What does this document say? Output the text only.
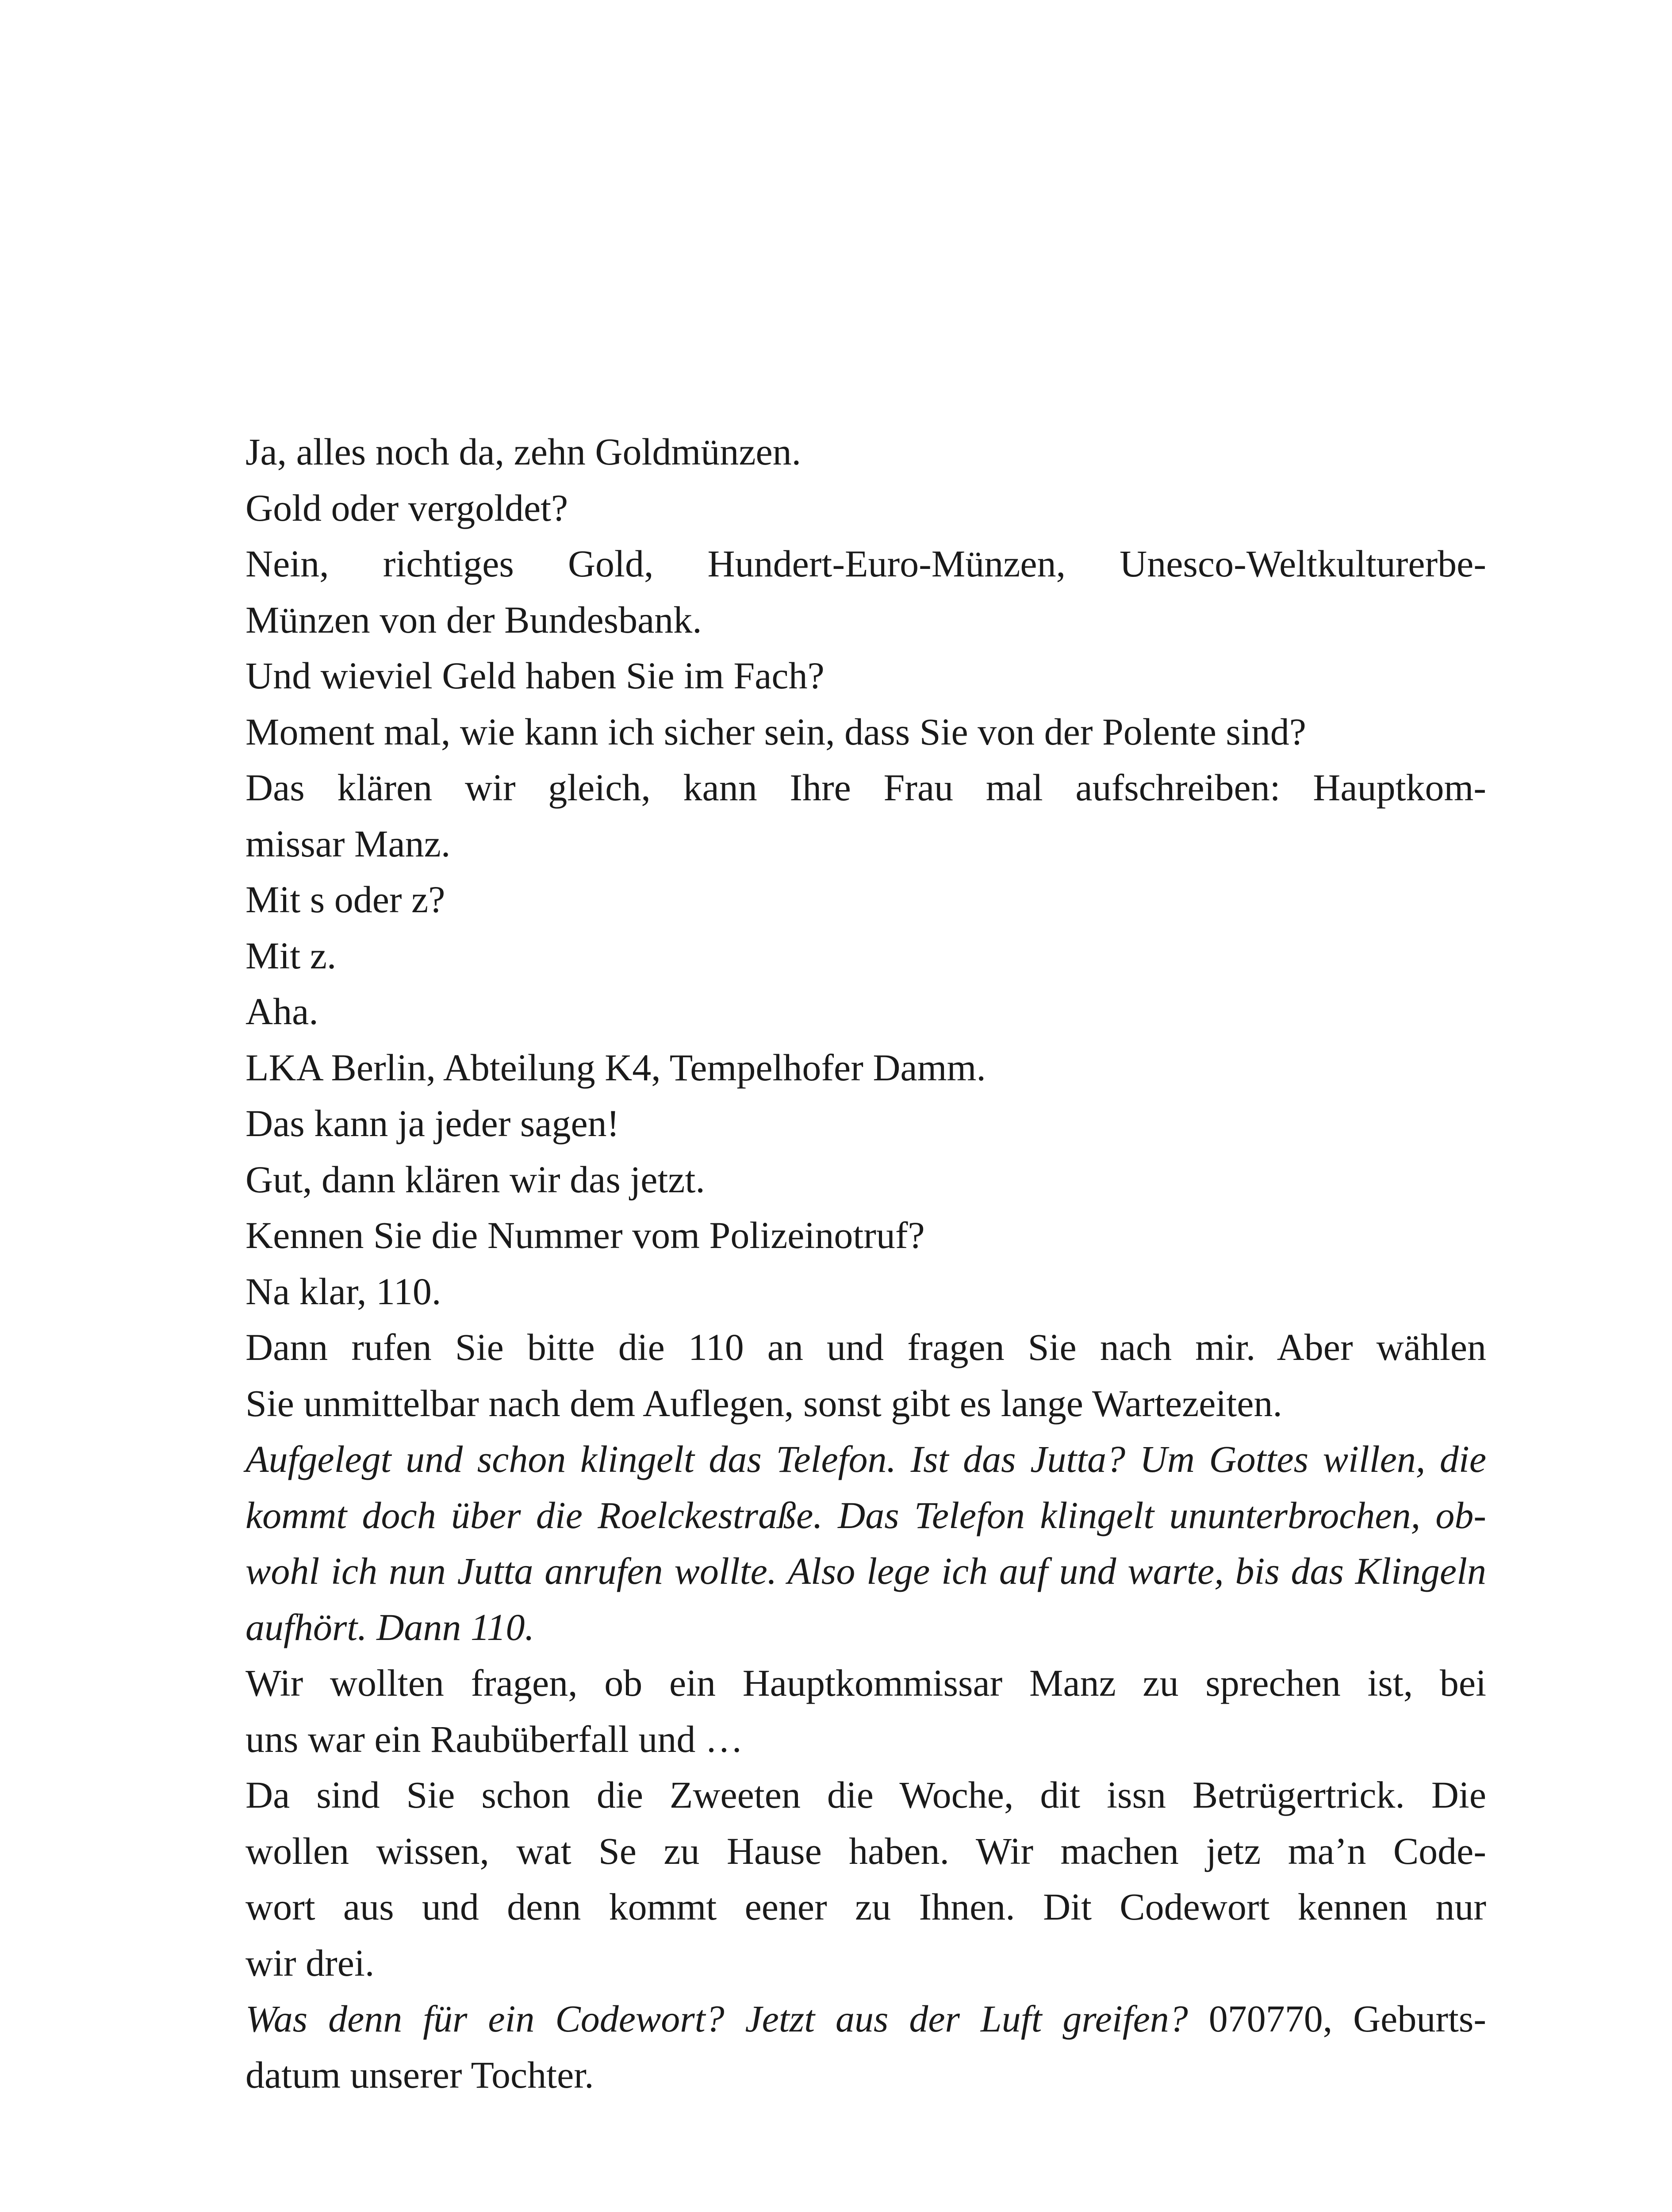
Ja, alles noch da, zehn Goldmünzen.
Gold oder vergoldet?
Nein, richtiges Gold, Hundert-Euro-Münzen, Unesco-Weltkulturerbe-
Münzen von der Bundesbank.
Und wieviel Geld haben Sie im Fach?
Moment mal, wie kann ich sicher sein, dass Sie von der Polente sind?
Das klären wir gleich, kann Ihre Frau mal aufschreiben: Hauptkom-
missar Manz.
Mit s oder z?
Mit z.
Aha.
LKA Berlin, Abteilung K4, Tempelhofer Damm.
Das kann ja jeder sagen!
Gut, dann klären wir das jetzt.
Kennen Sie die Nummer vom Polizeinotruf?
Na klar, 110.
Dann rufen Sie bitte die 110 an und fragen Sie nach mir. Aber wählen
Sie unmittelbar nach dem Auflegen, sonst gibt es lange Wartezeiten.
Aufgelegt und schon klingelt das Telefon. Ist das Jutta? Um Gottes willen, die
kommt doch über die Roelckestraße. Das Telefon klingelt ununterbrochen, ob-
wohl ich nun Jutta anrufen wollte. Also lege ich auf und warte, bis das Klingeln
aufhört. Dann 110.
Wir wollten fragen, ob ein Hauptkommissar Manz zu sprechen ist, bei
uns war ein Raubüberfall und …
Da sind Sie schon die Zweeten die Woche, dit issn Betrügertrick. Die
wollen wissen, wat Se zu Hause haben. Wir machen jetz ma’n Code-
wort aus und denn kommt eener zu Ihnen. Dit Codewort kennen nur
wir drei.
Was denn für ein Codewort? Jetzt aus der Luft greifen? 070770, Geburts-
datum unserer Tochter.
